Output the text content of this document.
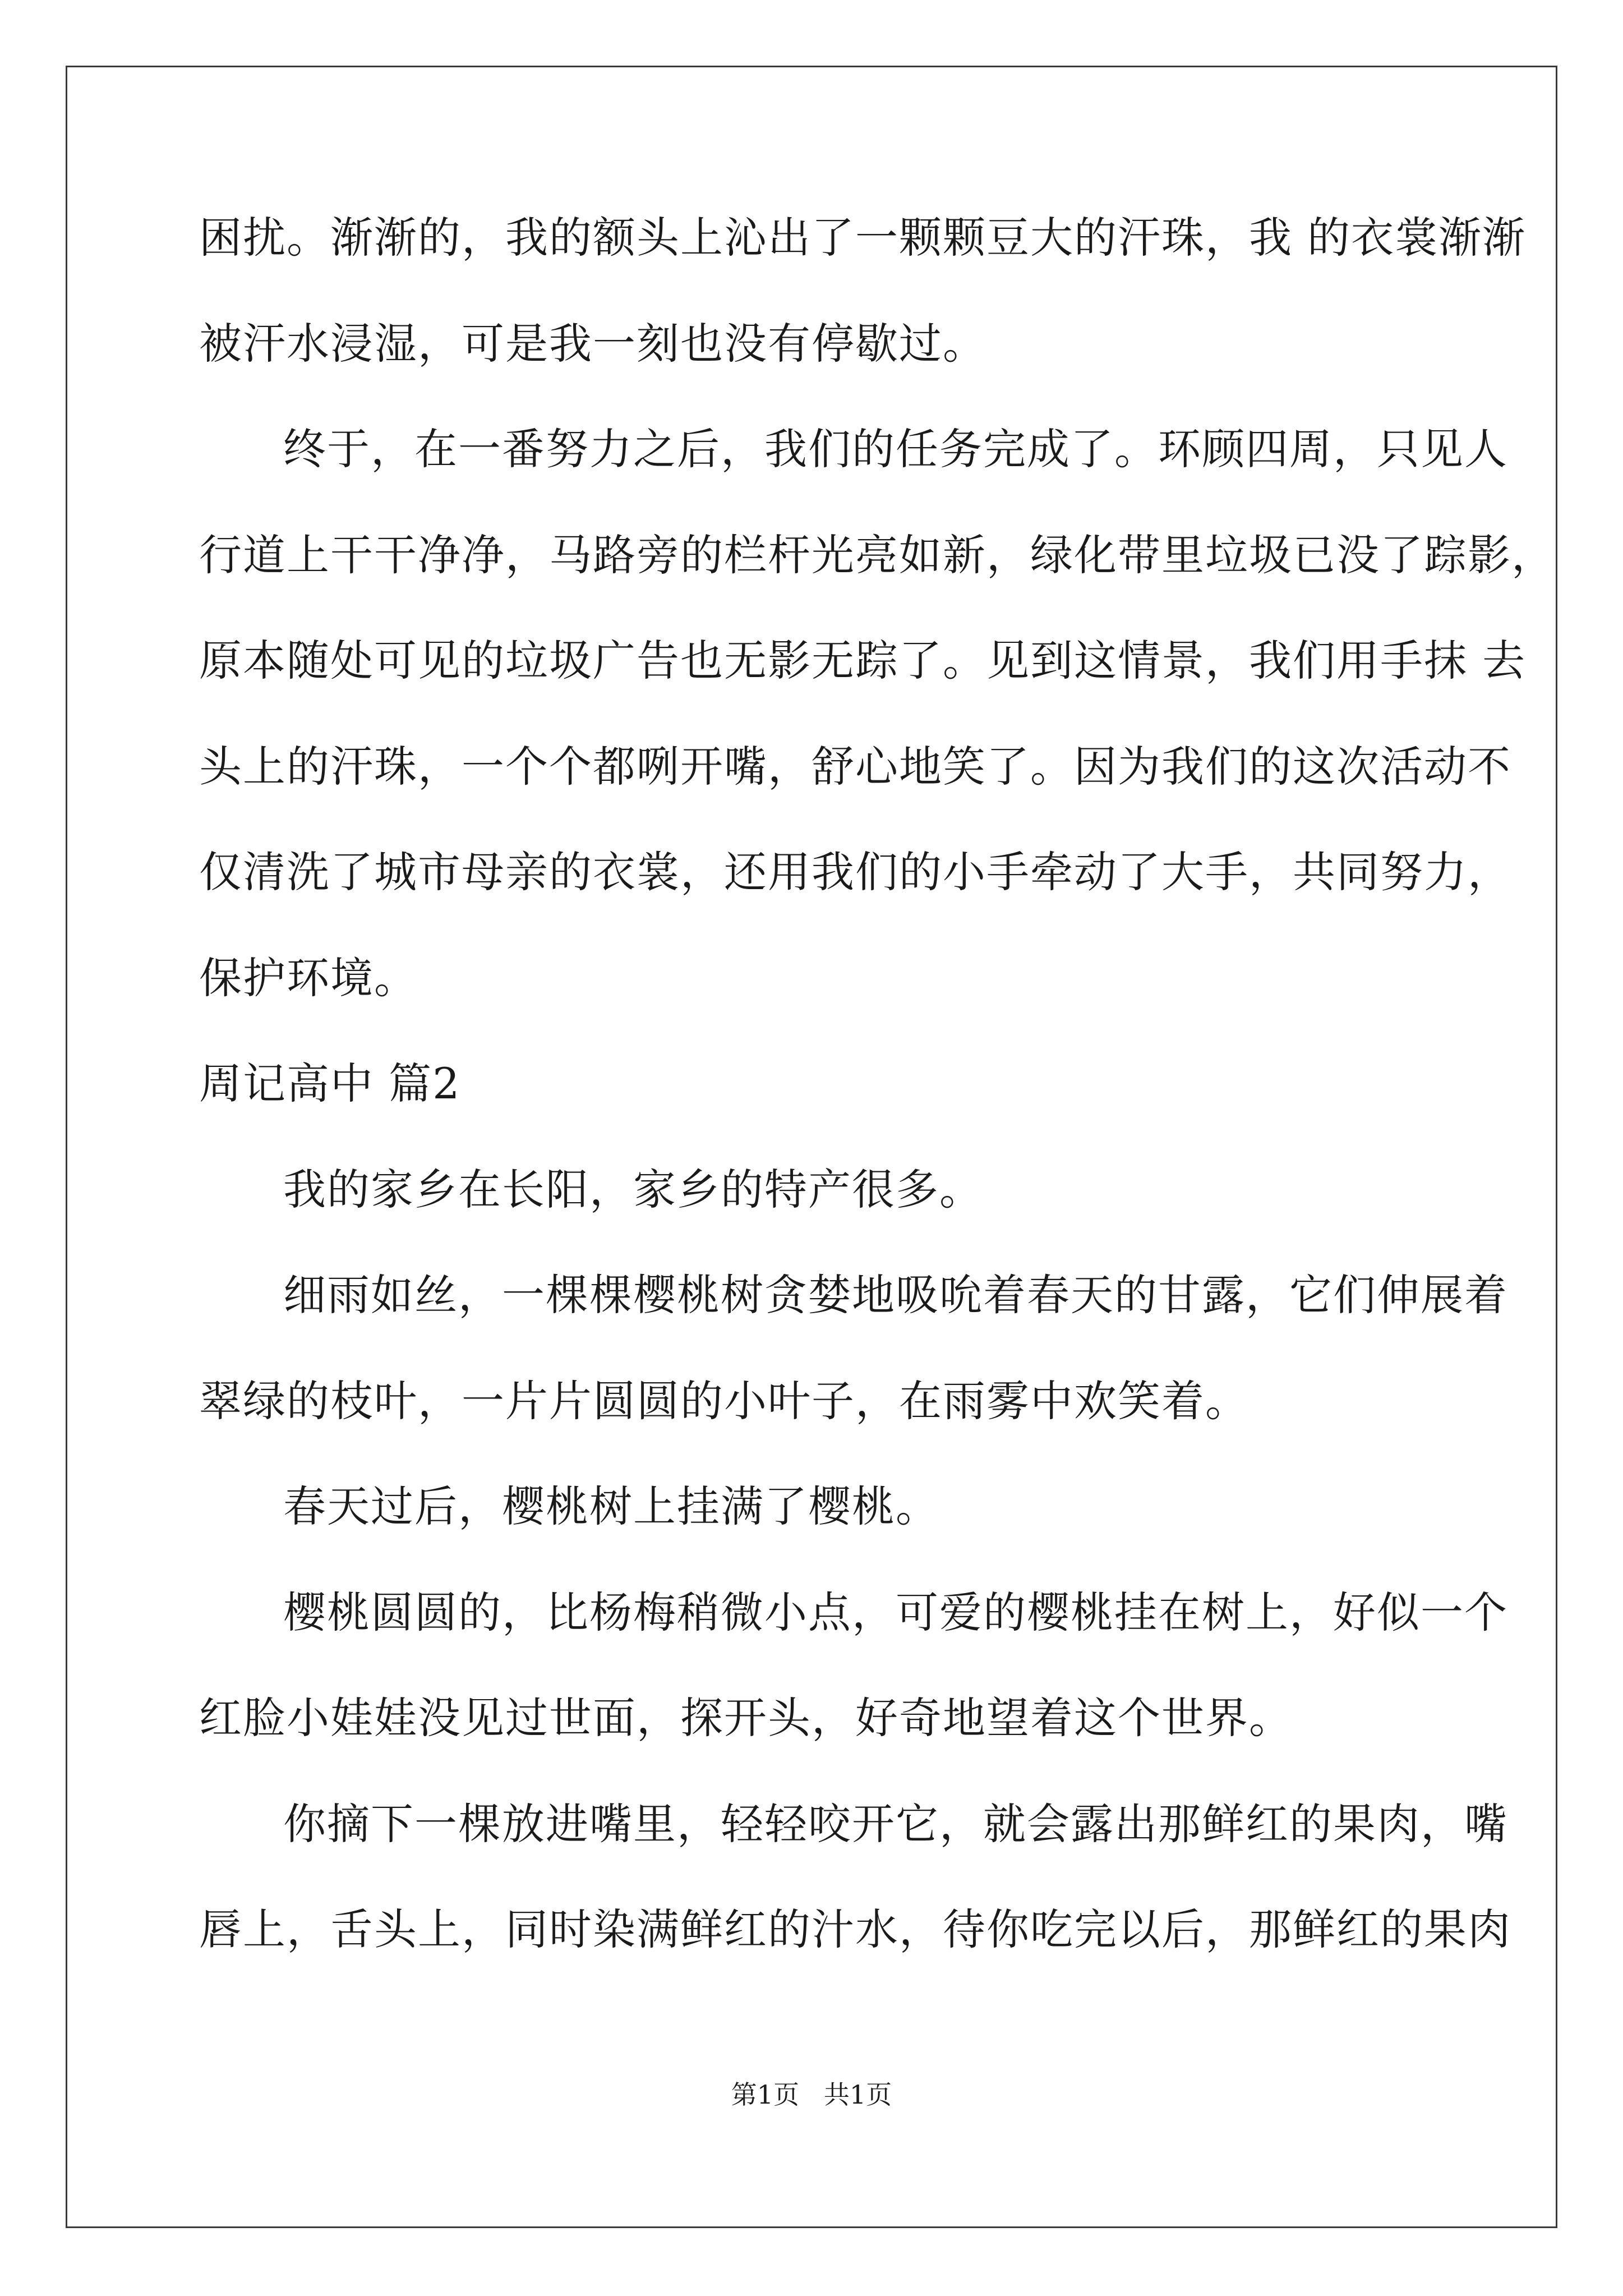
困扰。渐渐的，我的额头上沁出了一颗颗豆大的汗珠，我 的衣裳渐渐
被汗水浸湿，可是我一刻也没有停歇过。
终于，在一番努力之后，我们的任务完成了。环顾四周，只见人
行道上干干净净，马路旁的栏杆光亮如新，绿化带里垃圾已没了踪影，
原本随处可见的垃圾广告也无影无踪了。见到这情景，我们用手抹 去
头上的汗珠，一个个都咧开嘴，舒心地笑了。因为我们的这次活动不
仅清洗了城市母亲的衣裳，还用我们的小手牵动了大手，共同努力，
保护环境。
周记高中 篇2
我的家乡在长阳，家乡的特产很多。
细雨如丝，一棵棵樱桃树贪婪地吸吮着春天的甘露，它们伸展着
翠绿的枝叶，一片片圆圆的小叶子，在雨雾中欢笑着。
春天过后，樱桃树上挂满了樱桃。
樱桃圆圆的，比杨梅稍微小点，可爱的樱桃挂在树上，好似一个
红脸小娃娃没见过世面，探开头，好奇地望着这个世界。
你摘下一棵放进嘴里，轻轻咬开它，就会露出那鲜红的果肉，嘴
唇上，舌头上，同时染满鲜红的汁水，待你吃完以后，那鲜红的果肉
第1页   共1页
